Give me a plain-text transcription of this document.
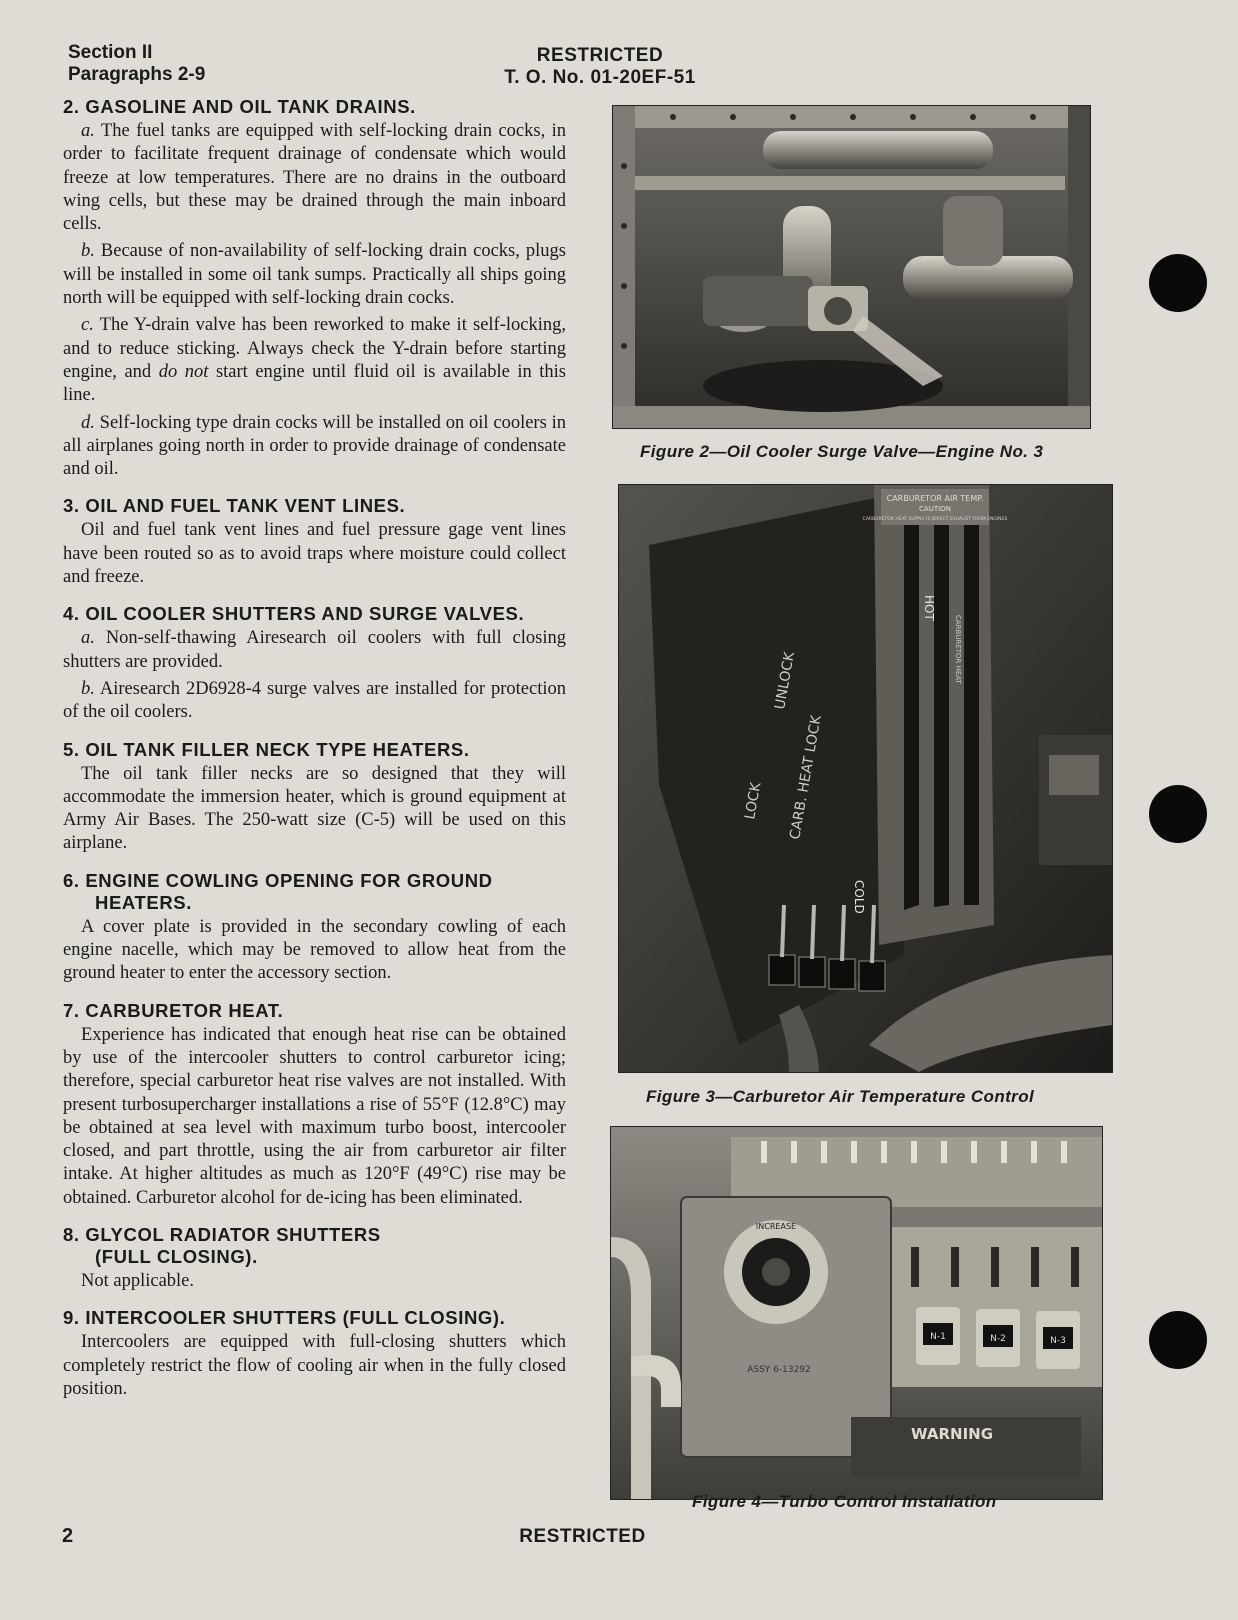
Section II
Paragraphs 2-9
RESTRICTED
T. O. No. 01-20EF-51
2. GASOLINE AND OIL TANK DRAINS.

a. The fuel tanks are equipped with self-locking drain cocks, in order to facilitate frequent drainage of condensate which would freeze at low temperatures. There are no drains in the outboard wing cells, but these may be drained through the main inboard cells.

b. Because of non-availability of self-locking drain cocks, plugs will be installed in some oil tank sumps. Practically all ships going north will be equipped with self-locking drain cocks.

c. The Y-drain valve has been reworked to make it self-locking, and to reduce sticking. Always check the Y-drain before starting engine, and do not start engine until fluid oil is available in this line.

d. Self-locking type drain cocks will be installed on oil coolers in all airplanes going north in order to provide drainage of condensate and oil.

3. OIL AND FUEL TANK VENT LINES.

Oil and fuel tank vent lines and fuel pressure gage vent lines have been routed so as to avoid traps where moisture could collect and freeze.

4. OIL COOLER SHUTTERS AND SURGE VALVES.

a. Non-self-thawing Airesearch oil coolers with full closing shutters are provided.

b. Airesearch 2D6928-4 surge valves are installed for protection of the oil coolers.

5. OIL TANK FILLER NECK TYPE HEATERS.

The oil tank filler necks are so designed that they will accommodate the immersion heater, which is ground equipment at Army Air Bases. The 250-watt size (C-5) will be used on this airplane.

6. ENGINE COWLING OPENING FOR GROUND
HEATERS.

A cover plate is provided in the secondary cowling of each engine nacelle, which may be removed to allow heat from the ground heater to enter the accessory section.

7. CARBURETOR HEAT.

Experience has indicated that enough heat rise can be obtained by use of the intercooler shutters to control carburetor icing; therefore, special carburetor heat rise valves are not installed. With present turbosupercharger installations a rise of 55°F (12.8°C) may be obtained at sea level with maximum turbo boost, intercooler closed, and part throttle, using the air from carburetor air filter intake. At higher altitudes as much as 120°F (49°C) rise may be obtained. Carburetor alcohol for de-icing has been eliminated.

8. GLYCOL RADIATOR SHUTTERS
(FULL CLOSING).

Not applicable.

9. INTERCOOLER SHUTTERS (FULL CLOSING).

Intercoolers are equipped with full-closing shutters which completely restrict the flow of cooling air when in the fully closed position.

Figure 2—Oil Cooler Surge Valve—Engine No. 3
CARBURETOR AIR TEMP.
CAUTION
CARBURETOR HEAT SUPPLY IS DIRECT EXHAUST FROM ENGINES
UNLOCK
LOCK CARB. HEAT LOCK
HOT
COLD
CARBURETOR HEAT
Figure 3—Carburetor Air Temperature Control
INCREASE
ASSY 6-13292
N-1	N-2	N-3
WARNING
Figure 4—Turbo Control Installation
2	RESTRICTED
